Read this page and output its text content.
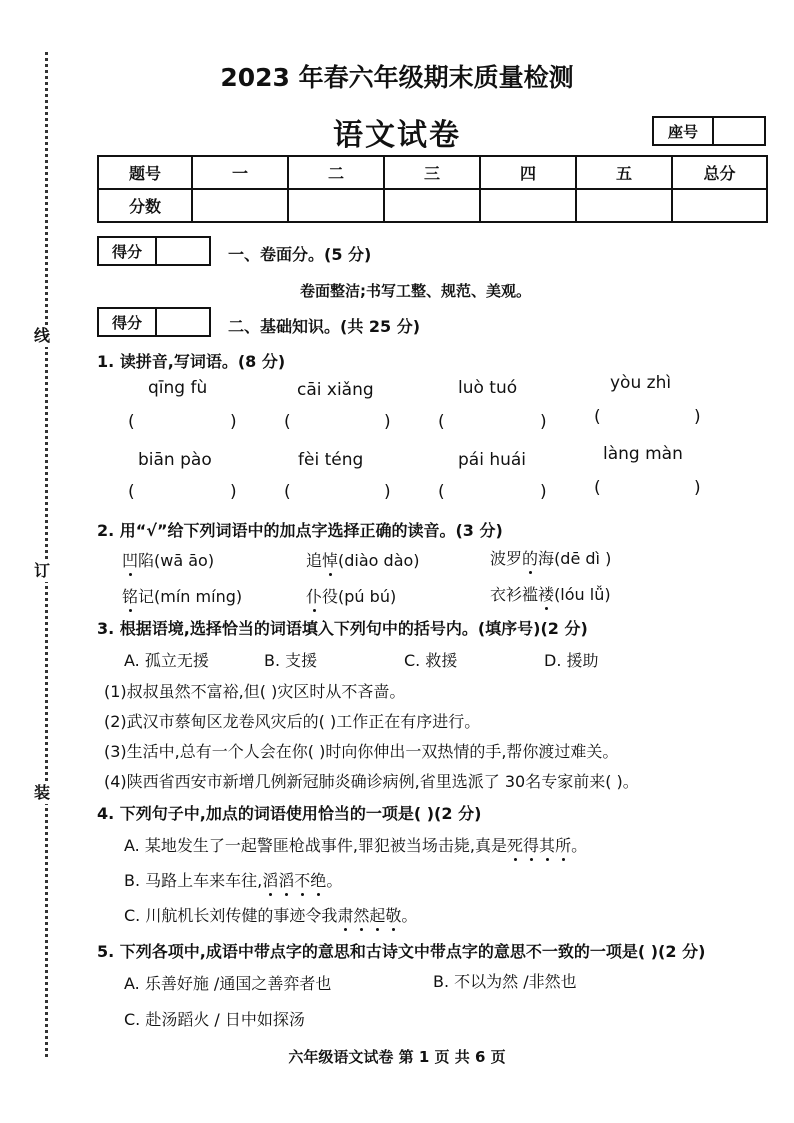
线
订
装
2023 年春六年级期末质量检测
语文试卷	座号
题号	一	二	三	四	五	总分
分数						
得分	一、卷面分。(5 分)
卷面整洁;书写工整、规范、美观。
得分	二、基础知识。(共 25 分)
1. 读拼音,写词语。(8 分)
qīng fù	cāi xiǎng	luò tuó	yòu zhì
(	)	(	)	(	)	(	)
biān pào	fèi téng	pái huái	làng màn
(	)	(	)	(	)	(	)
2. 用“√”给下列词语中的加点字选择正确的读音。(3 分)
凹陷(wā āo)	追悼(diào dào)	波罗的海(dē dì )
铭记(mín míng)	仆役(pú bú)	衣衫褴褛(lóu lǚ)
3. 根据语境,选择恰当的词语填入下列句中的括号内。(填序号)(2 分)
A. 孤立无援	B. 支援	C. 救援	D. 援助
(1)叔叔虽然不富裕,但( )灾区时从不吝啬。
(2)武汉市蔡甸区龙卷风灾后的( )工作正在有序进行。
(3)生活中,总有一个人会在你( )时向你伸出一双热情的手,帮你渡过难关。
(4)陕西省西安市新增几例新冠肺炎确诊病例,省里选派了 30名专家前来( )。
4. 下列句子中,加点的词语使用恰当的一项是( )(2 分)
A. 某地发生了一起警匪枪战事件,罪犯被当场击毙,真是死得其所。
B. 马路上车来车往,滔滔不绝。
C. 川航机长刘传健的事迹令我肃然起敬。
5. 下列各项中,成语中带点字的意思和古诗文中带点字的意思不一致的一项是( )(2 分)
A. 乐善好施 /通国之善弈者也	B. 不以为然 /非然也
C. 赴汤蹈火 / 日中如探汤
六年级语文试卷 第 1 页 共 6 页
